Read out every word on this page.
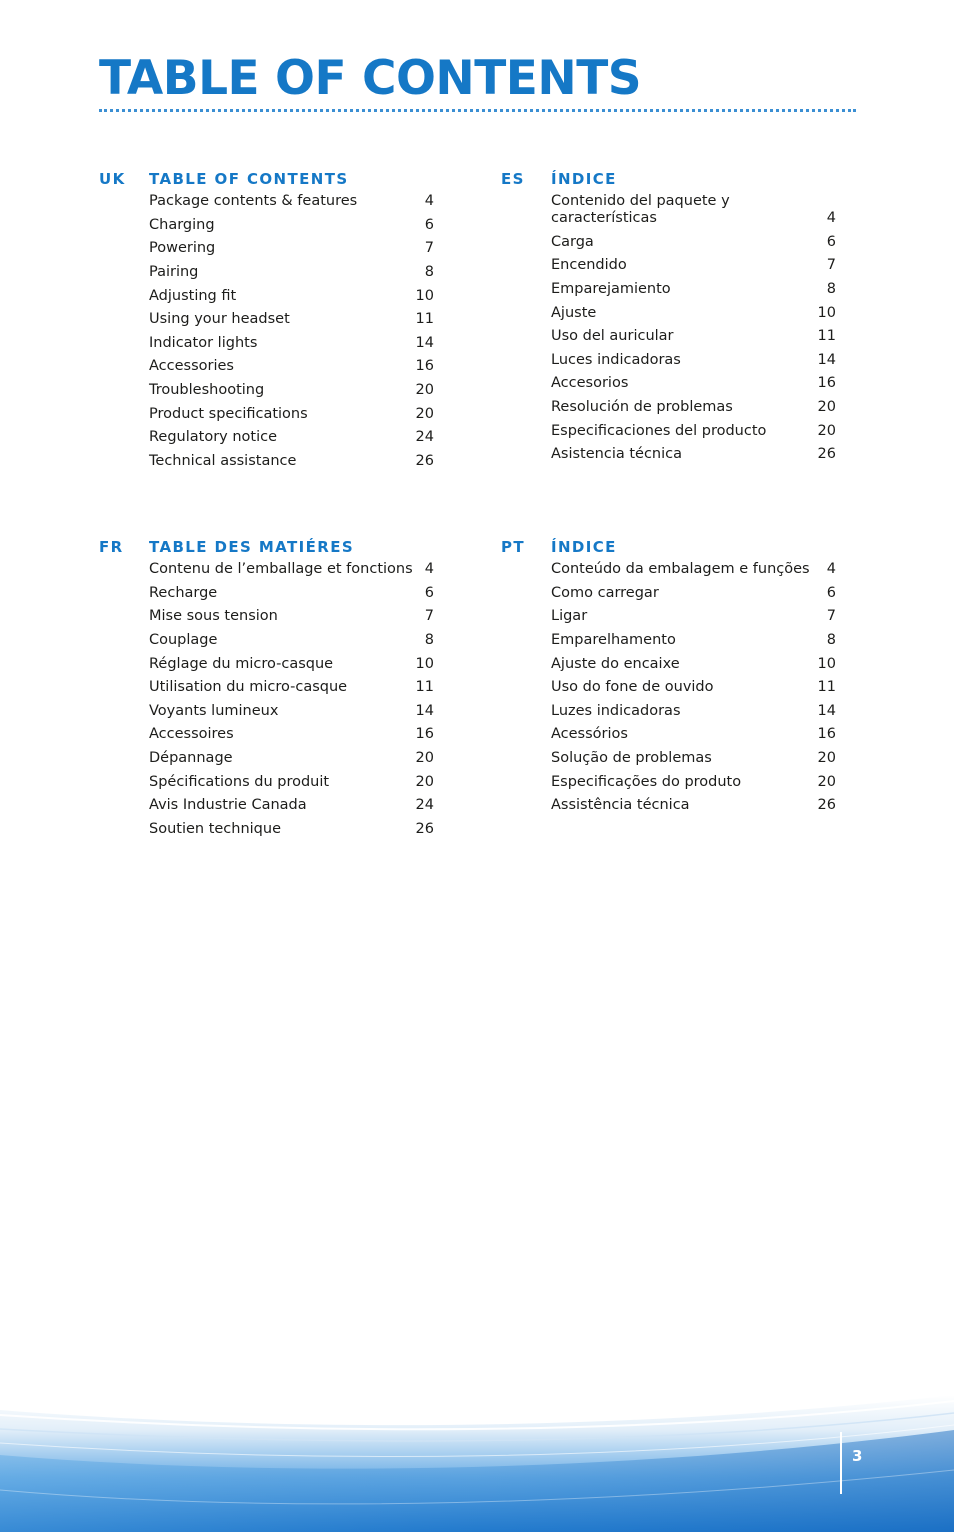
TABLE OF CONTENTS
UK TABLE OF CONTENTS
Package contents & features	4
Charging	6
Powering	7
Pairing	8
Adjusting fit	10
Using your headset	11
Indicator lights	14
Accessories	16
Troubleshooting	20
Product specifications	20
Regulatory notice	24
Technical assistance	26
ES ÍNDICE
Contenido del paquete y características	4
Carga	6
Encendido	7
Emparejamiento	8
Ajuste	10
Uso del auricular	11
Luces indicadoras	14
Accesorios	16
Resolución de problemas	20
Especificaciones del producto	20
Asistencia técnica	26
FR TABLE DES MATIÉRES
Contenu de l’emballage et fonctions 4
Recharge	6
Mise sous tension	7
Couplage	8
Réglage du micro-casque	10
Utilisation du micro-casque	11
Voyants lumineux	14
Accessoires	16
Dépannage	20
Spécifications du produit	20
Avis Industrie Canada	24
Soutien technique	26
PT ÍNDICE
Conteúdo da embalagem e funções	4
Como carregar	6
Ligar	7
Emparelhamento	8
Ajuste do encaixe	10
Uso do fone de ouvido	11
Luzes indicadoras	14
Acessórios	16
Solução de problemas	20
Especificações do produto	20
Assistência técnica	26
3
